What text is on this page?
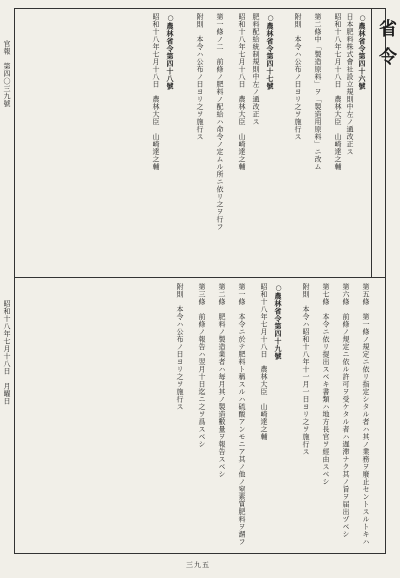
官報　第四〇三九號
昭和十八年七月十八日　月曜日
省令
○農林省令第四十六號
日本肥料株式會社設立規則中左ノ通改正ス
昭和十八年七月十八日　農林大臣　山崎達之輔
第二條中「製造原料」ヲ「製造用原料」ニ改ム
附則　本令ハ公布ノ日ヨリ之ヲ施行ス
○農林省令第四十七號
肥料配給統制規則中左ノ通改正ス
昭和十八年七月十八日　農林大臣　山崎達之輔
第一條ノ二　前條ノ肥料ノ配給ハ命令ノ定ムル所ニ依リ之ヲ行フ
附則　本令ハ公布ノ日ヨリ之ヲ施行ス
○農林省令第四十八號
昭和十八年七月十八日　農林大臣　山崎達之輔
第五條　第一條ノ規定ニ依リ指定シタル者ハ其ノ業務ヲ廢止セントスルトキハ
第六條　前條ノ規定ニ依ル許可ヲ受ケタル者ハ遅滞ナク其ノ旨ヲ届出ヅベシ
第七條　本令ニ依リ提出スベキ書類ハ地方長官ヲ經由スベシ
附則　本令ハ昭和十八年十一月一日ヨリ之ヲ施行ス
○農林省令第四十九號
昭和十八年七月十八日　農林大臣　山崎達之輔
第一條　本令ニ於テ肥料ト稱スルハ硫酸アンモニア其ノ他ノ窒素質肥料ヲ謂フ
第二條　肥料ノ製造業者ハ毎月其ノ製造數量ヲ報告スベシ
第三條　前條ノ報告ハ翌月十日迄ニ之ヲ爲スベシ
附則　本令ハ公布ノ日ヨリ之ヲ施行ス
三九五
